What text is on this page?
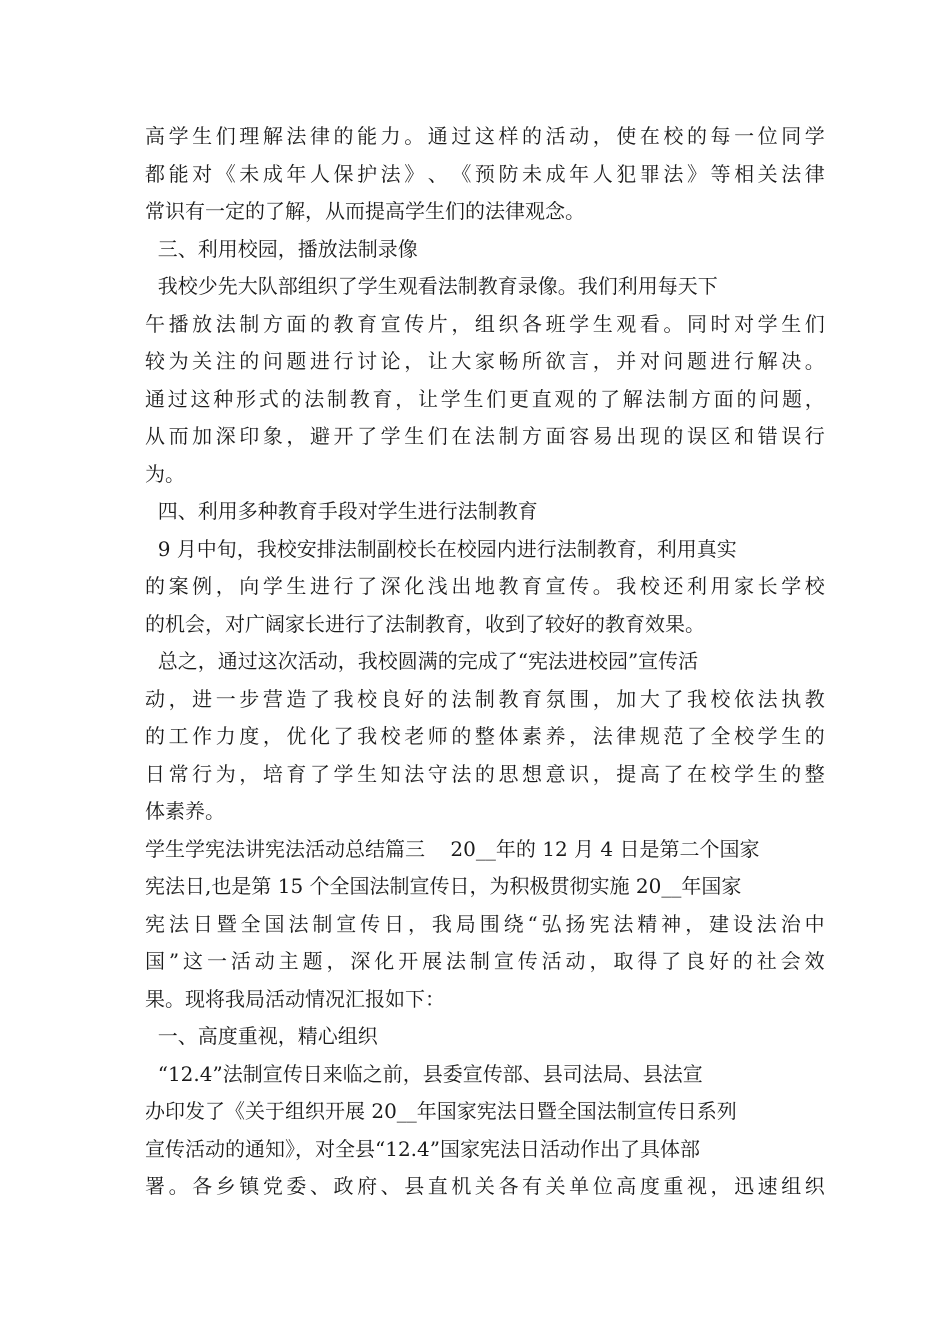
高 学 生 们 理 解 法 律 的 能 力 。 通 过 这 样 的 活 动 ， 使 在 校 的 每 一 位 同 学
都 能 对 《 未 成 年 人 保 护 法 》 、 《 预 防 未 成 年 人 犯 罪 法 》 等 相 关 法 律
常识有一定的了解，从而提高学生们的法律观念。
三、利用校园，播放法制录像
我校少先大队部组织了学生观看法制教育录像。我们利用每天下
午 播 放 法 制 方 面 的 教 育 宣 传 片 ， 组 织 各 班 学 生 观 看 。 同 时 对 学 生 们
较 为 关 注 的 问 题 进 行 讨 论 ， 让 大 家 畅 所 欲 言 ， 并 对 问 题 进 行 解 决 。
通 过 这 种 形 式 的 法 制 教 育 ， 让 学 生 们 更 直 观 的 了 解 法 制 方 面 的 问 题 ，
从 而 加 深 印 象 ， 避 开 了 学 生 们 在 法 制 方 面 容 易 出 现 的 误 区 和 错 误 行
为。
四、利用多种教育手段对学生进行法制教育
9 月中旬，我校安排法制副校长在校园内进行法制教育，利用真实
的 案 例 ， 向 学 生 进 行 了 深 化 浅 出 地 教 育 宣 传 。 我 校 还 利 用 家 长 学 校
的机会，对广阔家长进行了法制教育，收到了较好的教育效果。
总之，通过这次活动，我校圆满的完成了“宪法进校园”宣传活
动 ， 进 一 步 营 造 了 我 校 良 好 的 法 制 教 育 氛 围 ， 加 大 了 我 校 依 法 执 教
的 工 作 力 度 ， 优 化 了 我 校 老 师 的 整 体 素 养 ， 法 律 规 范 了 全 校 学 生 的
日 常 行 为 ， 培 育 了 学 生 知 法 守 法 的 思 想 意 识 ， 提 高 了 在 校 学 生 的 整
体素养。
学生学宪法讲宪法活动总结篇三    20__年的 12 月 4 日是第二个国家
宪法日,也是第 15 个全国法制宣传日，为积极贯彻实施 20__年国家
宪 法 日 暨 全 国 法 制 宣 传 日 ， 我 局 围 绕 “ 弘 扬 宪 法 精 神 ， 建 设 法 治 中
国 ” 这 一 活 动 主 题 ， 深 化 开 展 法 制 宣 传 活 动 ， 取 得 了 良 好 的 社 会 效
果。现将我局活动情况汇报如下：
一、高度重视，精心组织
“12.4”法制宣传日来临之前，县委宣传部、县司法局、县法宣
办印发了《关于组织开展 20__年国家宪法日暨全国法制宣传日系列
宣传活动的通知》，对全县“12.4”国家宪法日活动作出了具体部
署 。 各 乡 镇 党 委 、 政 府 、 县 直 机 关 各 有 关 单 位 高 度 重 视 ， 迅 速 组 织
